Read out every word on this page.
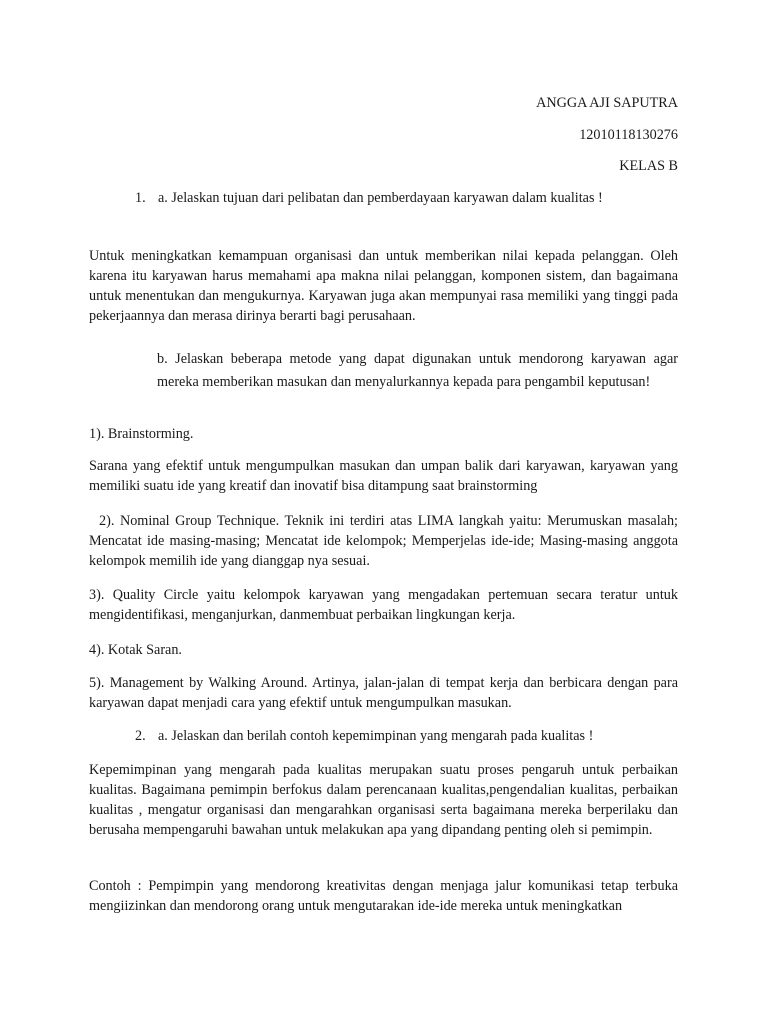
ANGGA AJI SAPUTRA

12010118130276

KELAS B

1. a. Jelaskan tujuan dari pelibatan dan pemberdayaan karyawan dalam kualitas !

Untuk meningkatkan kemampuan organisasi dan untuk memberikan nilai kepada pelanggan. Oleh karena itu karyawan harus memahami apa makna nilai pelanggan, komponen sistem, dan bagaimana untuk menentukan dan mengukurnya. Karyawan juga akan mempunyai rasa memiliki yang tinggi pada pekerjaannya dan merasa dirinya berarti bagi perusahaan.

b. Jelaskan beberapa metode yang dapat digunakan untuk mendorong karyawan agar mereka memberikan masukan dan menyalurkannya kepada para pengambil keputusan!

1). Brainstorming.

Sarana yang efektif untuk mengumpulkan masukan dan umpan balik dari karyawan, karyawan yang memiliki suatu ide yang kreatif dan inovatif bisa ditampung saat brainstorming

2). Nominal Group Technique. Teknik ini terdiri atas LIMA langkah yaitu: Merumuskan masalah; Mencatat ide masing-masing; Mencatat ide kelompok; Memperjelas ide-ide; Masing-masing anggota kelompok memilih ide yang dianggap nya sesuai.

3). Quality Circle yaitu kelompok karyawan yang mengadakan pertemuan secara teratur untuk mengidentifikasi, menganjurkan, danmembuat perbaikan lingkungan kerja.

4). Kotak Saran.

5). Management by Walking Around. Artinya, jalan-jalan di tempat kerja dan berbicara dengan para karyawan dapat menjadi cara yang efektif untuk mengumpulkan masukan.

2. a. Jelaskan dan berilah contoh kepemimpinan yang mengarah pada kualitas !

Kepemimpinan yang mengarah pada kualitas merupakan suatu proses pengaruh untuk perbaikan kualitas. Bagaimana pemimpin berfokus dalam perencanaan kualitas,pengendalian kualitas, perbaikan kualitas , mengatur organisasi dan mengarahkan organisasi serta bagaimana mereka berperilaku dan berusaha mempengaruhi bawahan untuk melakukan apa yang dipandang penting oleh si pemimpin.

Contoh : Pempimpin yang mendorong kreativitas dengan menjaga jalur komunikasi tetap terbuka mengiizinkan dan mendorong orang untuk mengutarakan ide-ide mereka untuk meningkatkan
